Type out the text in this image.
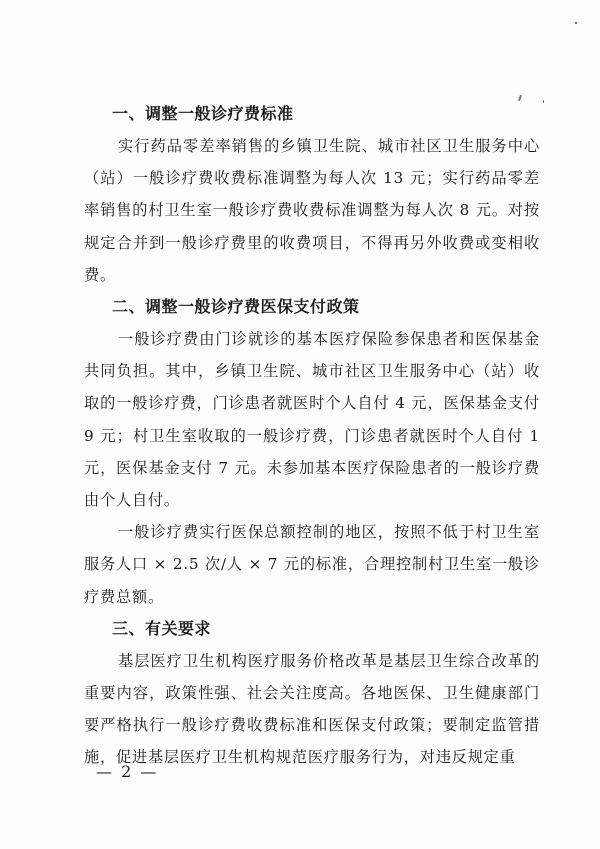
一、调整一般诊疗费标准

实行药品零差率销售的乡镇卫生院、城市社区卫生服务中心（站）一般诊疗费收费标准调整为每人次 13 元；实行药品零差率销售的村卫生室一般诊疗费收费标准调整为每人次 8 元。对按规定合并到一般诊疗费里的收费项目，不得再另外收费或变相收费。

二、调整一般诊疗费医保支付政策

一般诊疗费由门诊就诊的基本医疗保险参保患者和医保基金共同负担。其中，乡镇卫生院、城市社区卫生服务中心（站）收取的一般诊疗费，门诊患者就医时个人自付 4 元，医保基金支付 9 元；村卫生室收取的一般诊疗费，门诊患者就医时个人自付 1 元，医保基金支付 7 元。未参加基本医疗保险患者的一般诊疗费由个人自付。

一般诊疗费实行医保总额控制的地区，按照不低于村卫生室服务人口 × 2.5 次/人 × 7 元的标准，合理控制村卫生室一般诊疗费总额。

三、有关要求

基层医疗卫生机构医疗服务价格改革是基层卫生综合改革的重要内容，政策性强、社会关注度高。各地医保、卫生健康部门要严格执行一般诊疗费收费标准和医保支付政策；要制定监管措施，促进基层医疗卫生机构规范医疗服务行为，对违反规定重

— 2 —
